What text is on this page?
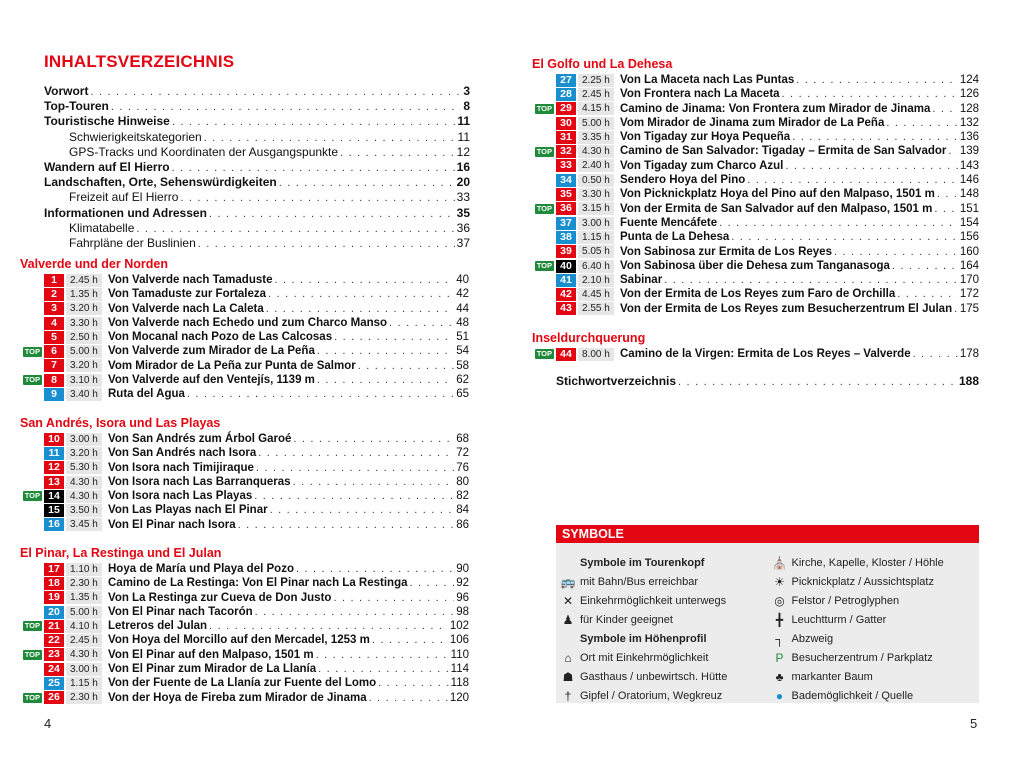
INHALTSVERZEICHNIS
Vorwort . . .	3
Top-Touren . . .	8
Touristische Hinweise . . .	11
Schwierigkeitskategorien . . .	11
GPS-Tracks und Koordinaten der Ausgangspunkte . . .	12
Wandern auf El Hierro . . .	16
Landschaften, Orte, Sehenswürdigkeiten . . .	20
Freizeit auf El Hierro . . .	33
Informationen und Adressen . . .	35
Klimatabelle . . .	36
Fahrpläne der Buslinien . . .	37
Valverde und der Norden
1	2.45 h Von Valverde nach Tamaduste . . .	40
2	1.35 h Von Tamaduste zur Fortaleza . . .	42
3	3.20 h Von Valverde nach La Caleta . . .	44
4	3.30 h Von Valverde nach Echedo und zum Charco Manso . . .	48
5	2.50 h Von Mocanal nach Pozo de Las Calcosas . . .	51
TOP	6	5.00 h Von Valverde zum Mirador de La Peña . . .	54
7	3.20 h Vom Mirador de La Peña zur Punta de Salmor . . .	58
TOP	8	3.10 h Von Valverde auf den Ventejís, 1139 m . . .	62
9	3.40 h Ruta del Agua . . .	65
San Andrés, Isora und Las Playas
10	3.00 h Von San Andrés zum Árbol Garoé . . .	68
11	3.20 h Von San Andrés nach Isora . . .	72
12	5.30 h Von Isora nach Timijiraque . . .	76
13	4.30 h Von Isora nach Las Barranqueras . . .	80
TOP 14	4.30 h Von Isora nach Las Playas . . .	82
15	3.50 h Von Las Playas nach El Pinar . . .	84
16	3.45 h Von El Pinar nach Isora . . .	86
El Pinar, La Restinga und El Julan
17	1.10 h Hoya de María und Playa del Pozo . . .	90
18	2.30 h Camino de La Restinga: Von El Pinar nach La Restinga . . .	92
19	1.35 h Von La Restinga zur Cueva de Don Justo . . .	96
20	5.00 h Von El Pinar nach Tacorón . . .	98
TOP 21	4.10 h Letreros del Julan . . .	102
22	2.45 h Von Hoya del Morcillo auf den Mercadel, 1253 m . . .	106
TOP 23	4.30 h Von El Pinar auf den Malpaso, 1501 m . . .	110
24	3.00 h Von El Pinar zum Mirador de La Llanía . . .	114
25	1.15 h Von der Fuente de La Llanía zur Fuente del Lomo . . .	118
TOP 26	2.30 h Von der Hoya de Fireba zum Mirador de Jinama . . .	120
4	5
El Golfo und La Dehesa
27	2.25 h Von La Maceta nach Las Puntas . . .	124
28	2.45 h Von Frontera nach La Maceta . . .	126
TOP 29	4.15 h Camino de Jinama: Von Frontera zum Mirador de Jinama . . .	128
30	5.00 h Vom Mirador de Jinama zum Mirador de La Peña . . .	132
31	3.35 h Von Tigaday zur Hoya Pequeña . . .	136
TOP 32	4.30 h Camino de San Salvador: Tigaday – Ermita de San Salvador . . . 139
33	2.40 h Von Tigaday zum Charco Azul . . .	143
34	0.50 h Sendero Hoya del Pino . . .	146
35	3.30 h Von Picknickplatz Hoya del Pino auf den Malpaso, 1501 m . . . 148
TOP 36	3.15 h Von der Ermita de San Salvador auf den Malpaso, 1501 m . . . 151
37	3.00 h Fuente Mencáfete . . .	154
38	1.15 h Punta de La Dehesa . . .	156
39	5.05 h Von Sabinosa zur Ermita de Los Reyes . . .	160
TOP 40	6.40 h Von Sabinosa über die Dehesa zum Tanganasoga . . .	164
41	2.10 h Sabinar . . .	170
42	4.45 h Von der Ermita de Los Reyes zum Faro de Orchilla . . .	172
43	2.55 h Von der Ermita de Los Reyes zum Besucherzentrum El Julan . . . 175
Inseldurchquerung
TOP 44	8.00 h Camino de la Virgen: Ermita de Los Reyes – Valverde . . .	178
Stichwortverzeichnis . . .	188
SYMBOLE
Symbole im Tourenkopf
🚌 mit Bahn/Bus erreichbar
✕ Einkehrmöglichkeit unterwegs
♟ für Kinder geeignet
Symbole im Höhenprofil
⌂ Ort mit Einkehrmöglichkeit
☗ Gasthaus / unbewirtsch. Hütte
† Gipfel / Oratorium, Wegkreuz
⛪ Kirche, Kapelle, Kloster / Höhle
☀ Picknickplatz / Aussichtsplatz
◎ Felstor / Petroglyphen
╋ Leuchtturm / Gatter
┐ Abzweig
P Besucherzentrum / Parkplatz
♣ markanter Baum
● Bademöglichkeit / Quelle
